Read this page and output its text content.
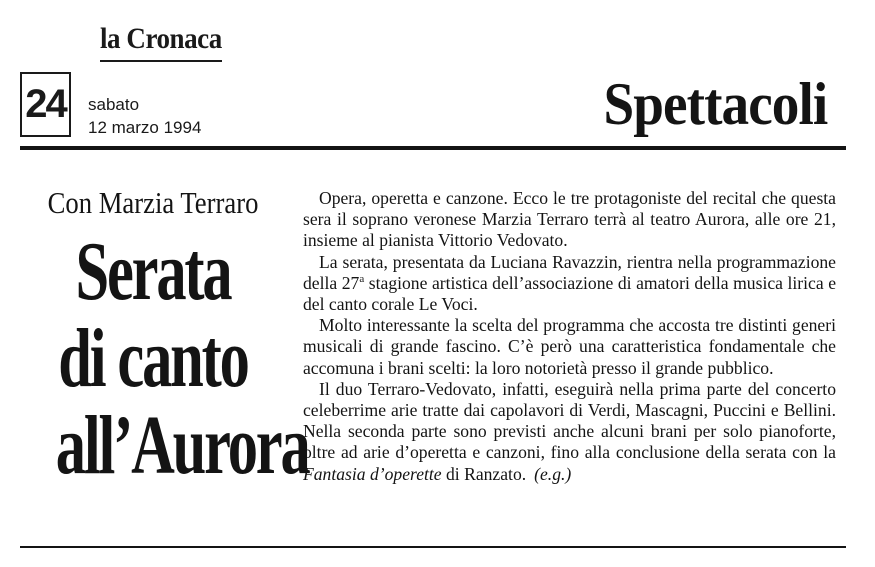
la Cronaca
24	sabato
12 marzo 1994	Spettacoli
Con Marzia Terraro
Serata
di canto
all’Aurora

Opera, operetta e canzone. Ecco le tre protagoniste del recital che questa sera il soprano veronese Marzia Terraro terrà al teatro Aurora, alle ore 21, insieme al pianista Vittorio Vedovato.

La serata, presentata da Luciana Ravazzin, rientra nella programmazione della 27$^a$ stagione artistica dell’associazione di amatori della musica lirica e del canto corale Le Voci.

Molto interessante la scelta del programma che accosta tre distinti generi musicali di grande fascino. C’è però una caratteristica fondamentale che accomuna i brani scelti: la loro notorietà presso il grande pubblico.

Il duo Terraro-Vedovato, infatti, eseguirà nella prima parte del concerto celeberrime arie tratte dai capolavori di Verdi, Mascagni, Puccini e Bellini. Nella seconda parte sono previsti anche alcuni brani per solo pianoforte, oltre ad arie d’operetta e canzoni, fino alla conclusione della serata con la Fantasia d’operette di Ranzato. (e.g.)
